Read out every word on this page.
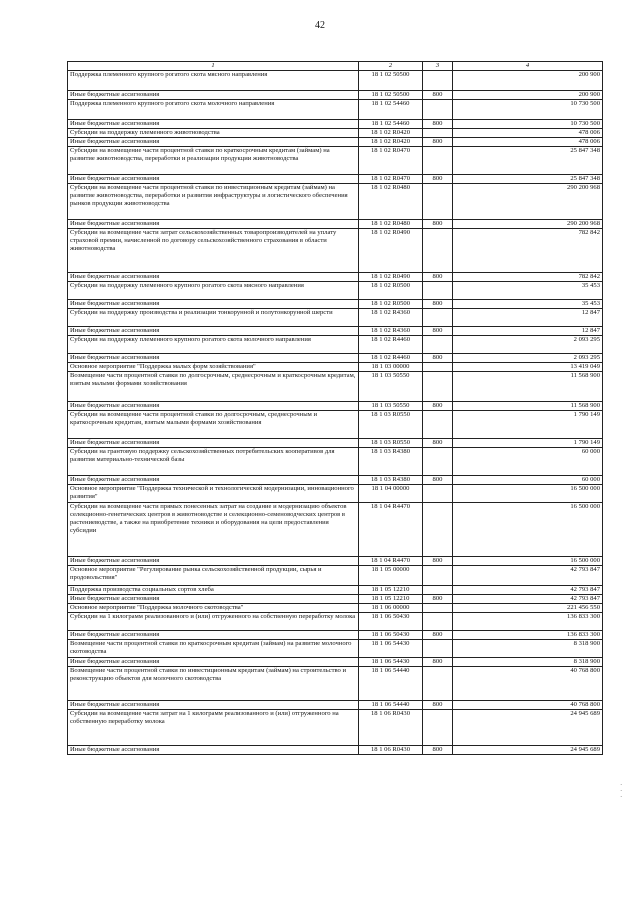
42
1	2	3	4
Поддержка племенного крупного рогатого скота мясного направления	18 1 02 50500		200 900
Иные бюджетные ассигнования	18 1 02 50500	800	200 900
Поддержка племенного крупного рогатого скота молочного направления	18 1 02 54460		10 730 500
Иные бюджетные ассигнования	18 1 02 54460	800	10 730 500
Субсидии на поддержку племенного животноводства	18 1 02 R0420		478 006
Иные бюджетные ассигнования	18 1 02 R0420	800	478 006
Субсидии на возмещение части процентной ставки по краткосрочным кредитам (займам) на развитие животноводства, переработки и реализации продукции животноводства	18 1 02 R0470		25 847 348
Иные бюджетные ассигнования	18 1 02 R0470	800	25 847 348
Субсидии на возмещение части процентной ставки по инвестиционным кредитам (займам) на развитие животноводства, переработки и развития инфраструктуры и логистического обеспечения рынков продукции животноводства	18 1 02 R0480		290 200 968
Иные бюджетные ассигнования	18 1 02 R0480	800	290 200 968
Субсидии на возмещение части затрат сельскохозяйственных товаропроизводителей на уплату страховой премии, начисленной по договору сельскохозяйственного страхования в области животноводства	18 1 02 R0490		782 842
Иные бюджетные ассигнования	18 1 02 R0490	800	782 842
Субсидии на поддержку племенного крупного рогатого скота мясного направления	18 1 02 R0500		35 453
Иные бюджетные ассигнования	18 1 02 R0500	800	35 453
Субсидии на поддержку производства и реализации тонкорунной и полутонкорунной шерсти	18 1 02 R4360		12 847
Иные бюджетные ассигнования	18 1 02 R4360	800	12 847
Субсидии на поддержку племенного крупного рогатого скота молочного направления	18 1 02 R4460		2 093 295
Иные бюджетные ассигнования	18 1 02 R4460	800	2 093 295
Основное мероприятие "Поддержка малых форм хозяйствования"	18 1 03 00000		13 419 049
Возмещение части процентной ставки по долгосрочным, среднесрочным и краткосрочным кредитам, взятым малыми формами хозяйствования	18 1 03 50550		11 568 900
Иные бюджетные ассигнования	18 1 03 50550	800	11 568 900
Субсидии на возмещение части процентной ставки по долгосрочным, среднесрочным и краткосрочным кредитам, взятым малыми формами хозяйствования	18 1 03 R0550		1 790 149
Иные бюджетные ассигнования	18 1 03 R0550	800	1 790 149
Субсидии на грантовую поддержку сельскохозяйственных потребительских кооперативов для развития материально-технической базы	18 1 03 R4380		60 000
Иные бюджетные ассигнования	18 1 03 R4380	800	60 000
Основное мероприятие "Поддержка технической и технологической модернизации, инновационного развития"	18 1 04 00000		16 500 000
Субсидии на возмещение части прямых понесенных затрат на создание и модернизацию объектов селекционно-генетических центров в животноводстве и селекционно-семеноводческих центров в растениеводстве, а также на приобретение техники и оборудования на цели предоставления субсидии	18 1 04 R4470		16 500 000
Иные бюджетные ассигнования	18 1 04 R4470	800	16 500 000
Основное мероприятие "Регулирование рынка сельскохозяйственной продукции, сырья и продовольствия"	18 1 05 00000		42 793 847
Поддержка производства социальных сортов хлеба	18 1 05 12210		42 793 847
Иные бюджетные ассигнования	18 1 05 12210	800	42 793 847
Основное мероприятие "Поддержка молочного скотоводства"	18 1 06 00000		221 456 550
Субсидии на 1 килограмм реализованного и (или) отгруженного на собственную переработку молока	18 1 06 50430		136 833 300
Иные бюджетные ассигнования	18 1 06 50430	800	136 833 300
Возмещение части процентной ставки по краткосрочным кредитам (займам) на развитие молочного скотоводства	18 1 06 54430		8 318 900
Иные бюджетные ассигнования	18 1 06 54430	800	8 318 900
Возмещение части процентной ставки по инвестиционным кредитам (займам) на строительство и реконструкцию объектов для молочного скотоводства	18 1 06 54440		40 768 800
Иные бюджетные ассигнования	18 1 06 54440	800	40 768 800
Субсидии на возмещение части затрат на 1 килограмм реализованного и (или) отгруженного на собственную переработку молока	18 1 06 R0430		24 945 689
Иные бюджетные ассигнования	18 1 06 R0430	800	24 945 689
·
·
·
